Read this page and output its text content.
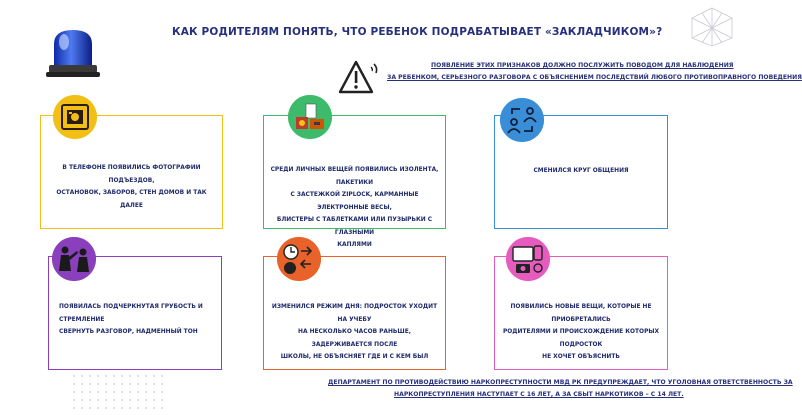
КАК РОДИТЕЛЯМ ПОНЯТЬ, ЧТО РЕБЕНОК ПОДРАБАТЫВАЕТ «ЗАКЛАДЧИКОМ»?
ПОЯВЛЕНИЕ ЭТИХ ПРИЗНАКОВ ДОЛЖНО ПОСЛУЖИТЬ ПОВОДОМ ДЛЯ НАБЛЮДЕНИЯ
ЗА РЕБЕНКОМ, СЕРЬЕЗНОГО РАЗГОВОРА С ОБЪЯСНЕНИЕМ ПОСЛЕДСТВИЙ ЛЮБОГО ПРОТИВОПРАВНОГО ПОВЕДЕНИЯ
В ТЕЛЕФОНЕ ПОЯВИЛИСЬ ФОТОГРАФИИ ПОДЪЕЗДОВ,
ОСТАНОВОК, ЗАБОРОВ, СТЕН ДОМОВ И ТАК ДАЛЕЕ
СРЕДИ ЛИЧНЫХ ВЕЩЕЙ ПОЯВИЛИСЬ ИЗОЛЕНТА, ПАКЕТИКИ
С ЗАСТЕЖКОЙ ZIPLOCK, КАРМАННЫЕ ЭЛЕКТРОННЫЕ ВЕСЫ,
БЛИСТЕРЫ С ТАБЛЕТКАМИ ИЛИ ПУЗЫРЬКИ С ГЛАЗНЫМИ
КАПЛЯМИ
СМЕНИЛСЯ КРУГ ОБЩЕНИЯ
ПОЯВИЛАСЬ ПОДЧЕРКНУТАЯ ГРУБОСТЬ И СТРЕМЛЕНИЕ
СВЕРНУТЬ РАЗГОВОР, НАДМЕННЫЙ ТОН
ИЗМЕНИЛСЯ РЕЖИМ ДНЯ: ПОДРОСТОК УХОДИТ НА УЧЕБУ
НА НЕСКОЛЬКО ЧАСОВ РАНЬШЕ, ЗАДЕРЖИВАЕТСЯ ПОСЛЕ
ШКОЛЫ, НЕ ОБЪЯСНЯЕТ ГДЕ И С КЕМ БЫЛ
ПОЯВИЛИСЬ НОВЫЕ ВЕЩИ, КОТОРЫЕ НЕ ПРИОБРЕТАЛИСЬ
РОДИТЕЛЯМИ И ПРОИСХОЖДЕНИЕ КОТОРЫХ ПОДРОСТОК
НЕ ХОЧЕТ ОБЪЯСНИТЬ
ДЕПАРТАМЕНТ ПО ПРОТИВОДЕЙСТВИЮ НАРКОПРЕСТУПНОСТИ МВД РК ПРЕДУПРЕЖДАЕТ, ЧТО УГОЛОВНАЯ ОТВЕТСТВЕННОСТЬ ЗА
НАРКОПРЕСТУПЛЕНИЯ НАСТУПАЕТ С 16 ЛЕТ, А ЗА СБЫТ НАРКОТИКОВ – С 14 ЛЕТ.
